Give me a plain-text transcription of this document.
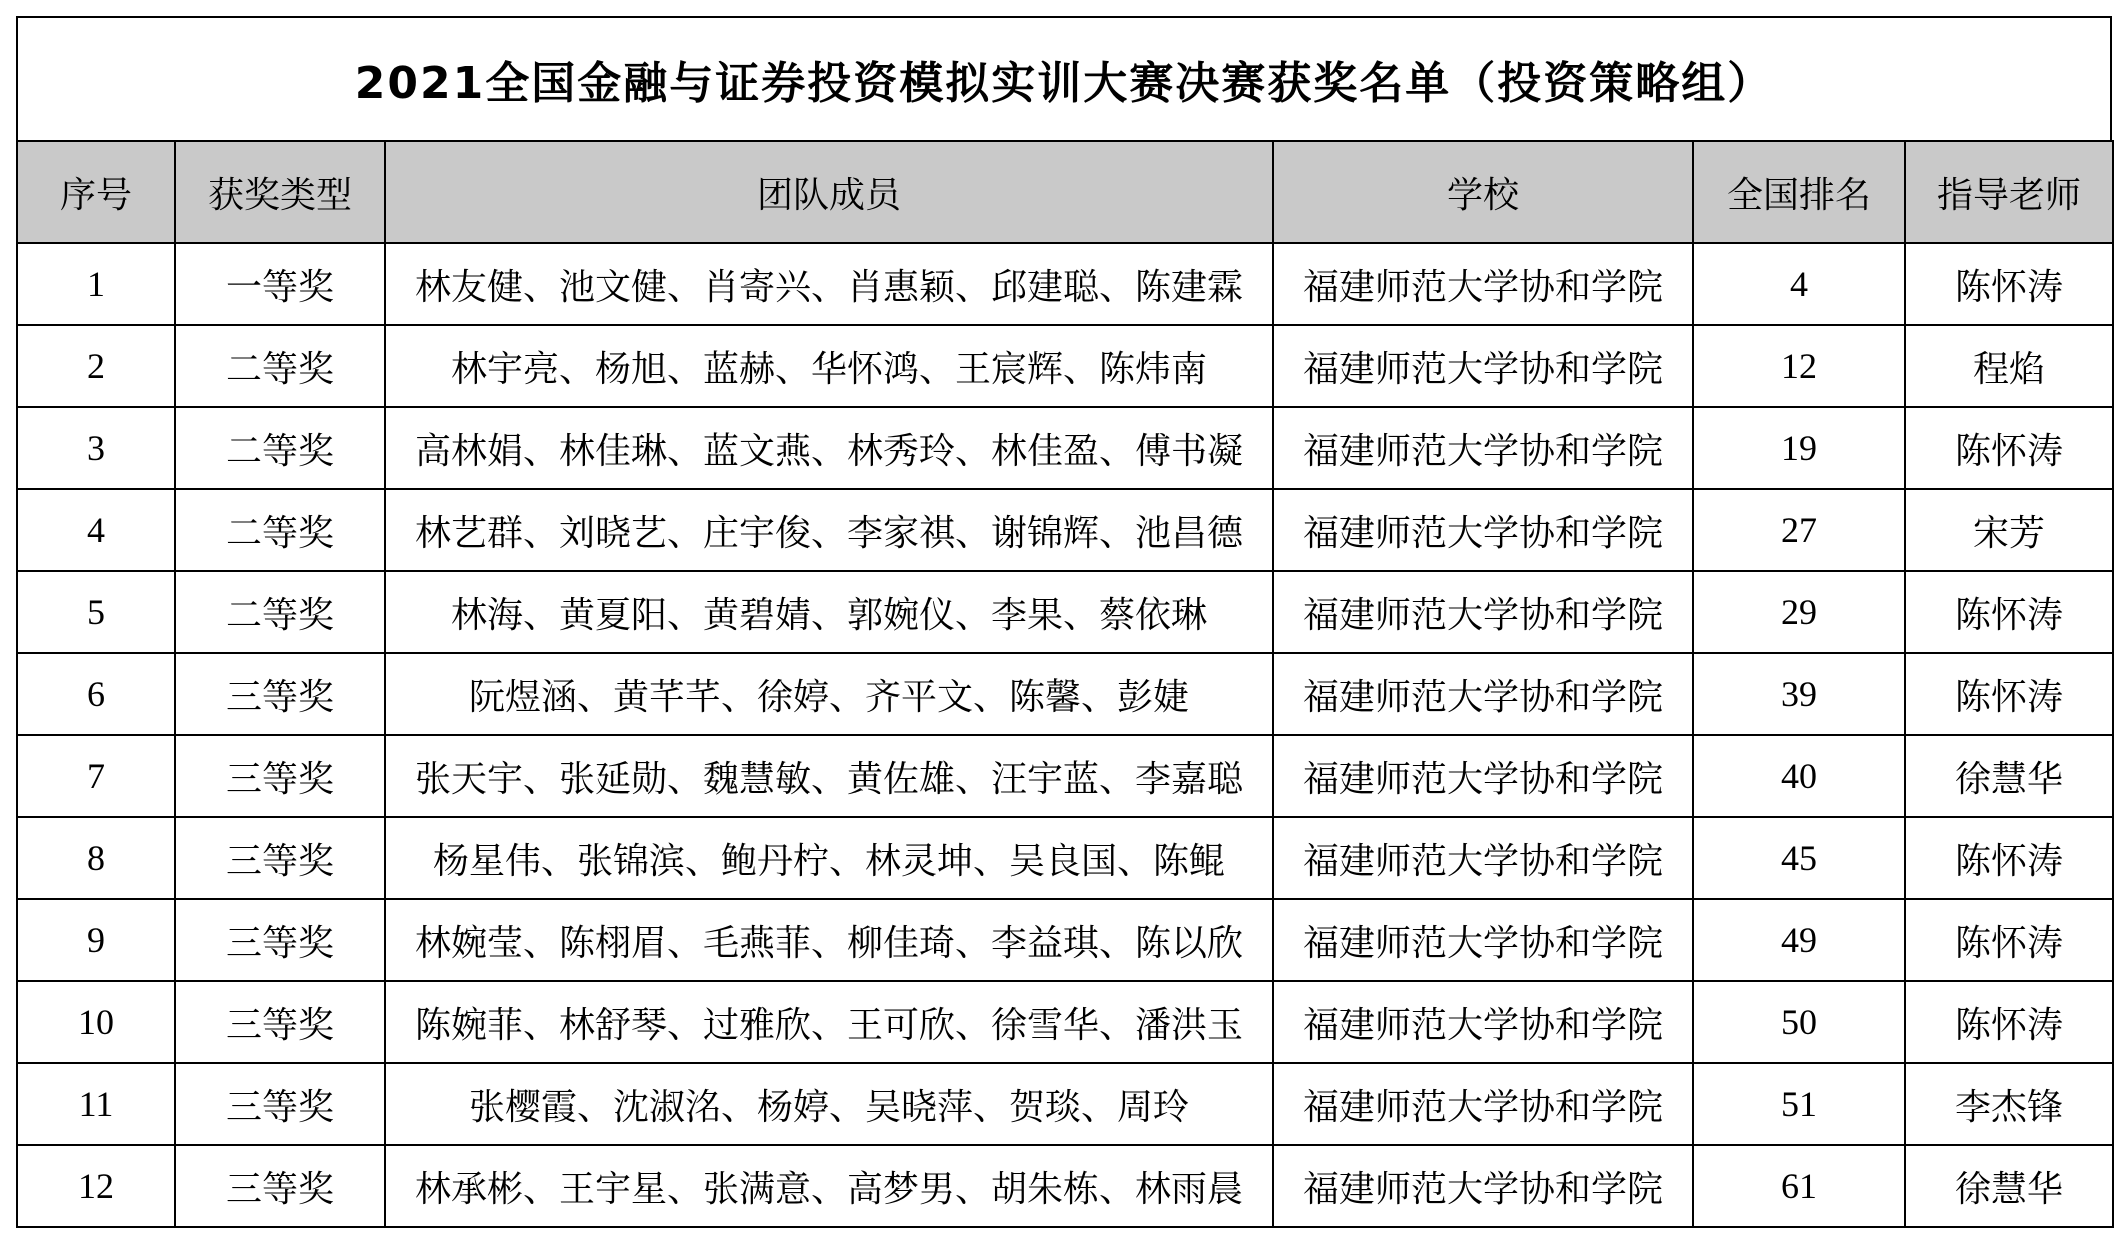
2021全国金融与证券投资模拟实训大赛决赛获奖名单（投资策略组）
序号	获奖类型	团队成员	学校	全国排名	指导老师
1	一等奖	林友健、池文健、肖寄兴、肖惠颖、邱建聪、陈建霖	福建师范大学协和学院	4	陈怀涛
2	二等奖	林宇亮、杨旭、蓝赫、华怀鸿、王宸辉、陈炜南	福建师范大学协和学院	12	程焰
3	二等奖	高林娟、林佳琳、蓝文燕、林秀玲、林佳盈、傅书凝	福建师范大学协和学院	19	陈怀涛
4	二等奖	林艺群、刘晓艺、庄宇俊、李家祺、谢锦辉、池昌德	福建师范大学协和学院	27	宋芳
5	二等奖	林海、黄夏阳、黄碧婧、郭婉仪、李果、蔡依琳	福建师范大学协和学院	29	陈怀涛
6	三等奖	阮煜涵、黄芊芊、徐婷、齐平文、陈馨、彭婕	福建师范大学协和学院	39	陈怀涛
7	三等奖	张天宇、张延勋、魏慧敏、黄佐雄、汪宇蓝、李嘉聪	福建师范大学协和学院	40	徐慧华
8	三等奖	杨星伟、张锦滨、鲍丹柠、林灵坤、吴良国、陈鲲	福建师范大学协和学院	45	陈怀涛
9	三等奖	林婉莹、陈栩眉、毛燕菲、柳佳琦、李益琪、陈以欣	福建师范大学协和学院	49	陈怀涛
10	三等奖	陈婉菲、林舒琴、过雅欣、王可欣、徐雪华、潘洪玉	福建师范大学协和学院	50	陈怀涛
11	三等奖	张樱霞、沈淑洺、杨婷、吴晓萍、贺琰、周玲	福建师范大学协和学院	51	李杰锋
12	三等奖	林承彬、王宇星、张满意、高梦男、胡朱栋、林雨晨	福建师范大学协和学院	61	徐慧华
